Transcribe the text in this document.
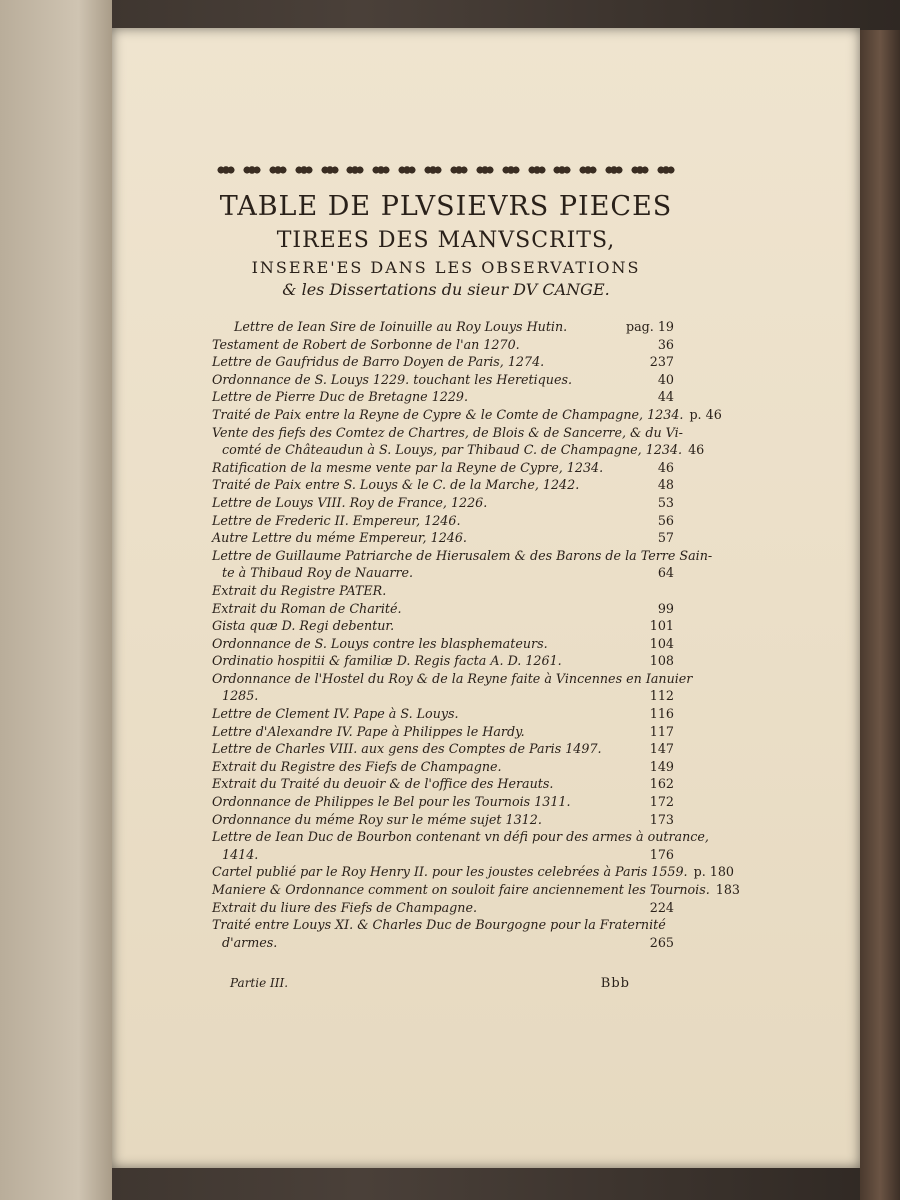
TABLE DE PLVSIEVRS PIECES
TIREES DES MANVSCRITS,
INSERE'ES DANS LES OBSERVATIONS
& les Dissertations du sieur DV CANGE.
Lettre de Iean Sire de Ioinuille au Roy Louys Hutin.	pag. 19
Testament de Robert de Sorbonne de l'an 1270.	36
Lettre de Gaufridus de Barro Doyen de Paris, 1274.	237
Ordonnance de S. Louys 1229. touchant les Heretiques.	40
Lettre de Pierre Duc de Bretagne 1229.	44
Traité de Paix entre la Reyne de Cypre & le Comte de Champagne, 1234. p. 46
Vente des fiefs des Comtez de Chartres, de Blois & de Sancerre, & du Vi-
comté de Châteaudun à S. Louys, par Thibaud C. de Champagne, 1234. 46
Ratification de la mesme vente par la Reyne de Cypre, 1234.	46
Traité de Paix entre S. Louys & le C. de la Marche, 1242.	48
Lettre de Louys VIII. Roy de France, 1226.	53
Lettre de Frederic II. Empereur, 1246.	56
Autre Lettre du méme Empereur, 1246.	57
Lettre de Guillaume Patriarche de Hierusalem & des Barons de la Terre Sain-
te à Thibaud Roy de Nauarre.	64
Extrait du Registre PATER.
Extrait du Roman de Charité.	99
Gista quæ D. Regi debentur.	101
Ordonnance de S. Louys contre les blasphemateurs.	104
Ordinatio hospitii & familiæ D. Regis facta A. D. 1261.	108
Ordonnance de l'Hostel du Roy & de la Reyne faite à Vincennes en Ianuier
1285.	112
Lettre de Clement IV. Pape à S. Louys.	116
Lettre d'Alexandre IV. Pape à Philippes le Hardy.	117
Lettre de Charles VIII. aux gens des Comptes de Paris 1497.	147
Extrait du Registre des Fiefs de Champagne.	149
Extrait du Traité du deuoir & de l'office des Herauts.	162
Ordonnance de Philippes le Bel pour les Tournois 1311.	172
Ordonnance du méme Roy sur le méme sujet 1312.	173
Lettre de Iean Duc de Bourbon contenant vn défi pour des armes à outrance,
1414.	176
Cartel publié par le Roy Henry II. pour les joustes celebrées à Paris 1559. p. 180
Maniere & Ordonnance comment on souloit faire anciennement les Tournois. 183
Extrait du liure des Fiefs de Champagne.	224
Traité entre Louys XI. & Charles Duc de Bourgogne pour la Fraternité
d'armes.	265
Partie III.	Bbb
